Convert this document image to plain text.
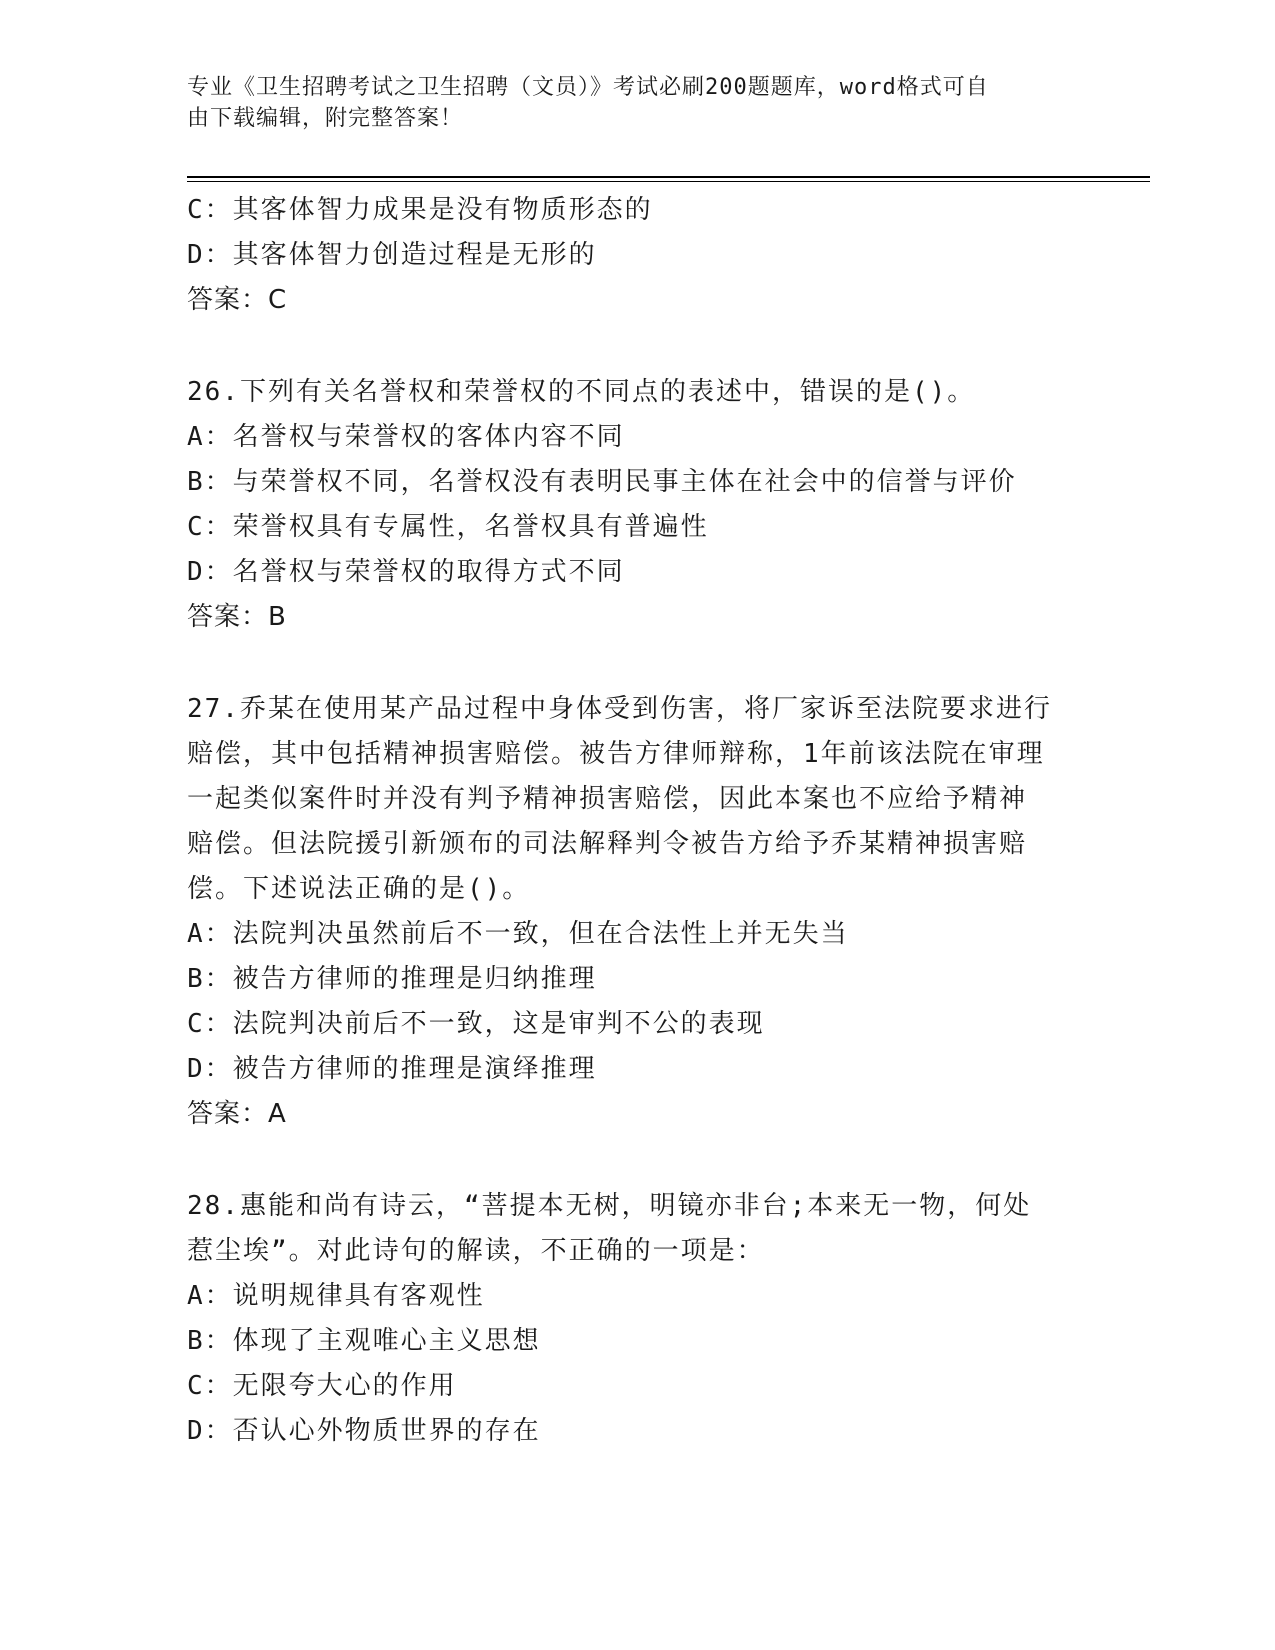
专业《卫生招聘考试之卫生招聘（文员）》考试必刷200题题库，word格式可自
由下载编辑，附完整答案！
C：其客体智力成果是没有物质形态的
D：其客体智力创造过程是无形的
答案：C
26.下列有关名誉权和荣誉权的不同点的表述中，错误的是()。
A：名誉权与荣誉权的客体内容不同
B：与荣誉权不同，名誉权没有表明民事主体在社会中的信誉与评价
C：荣誉权具有专属性，名誉权具有普遍性
D：名誉权与荣誉权的取得方式不同
答案：B
27.乔某在使用某产品过程中身体受到伤害，将厂家诉至法院要求进行
赔偿，其中包括精神损害赔偿。被告方律师辩称，1年前该法院在审理
一起类似案件时并没有判予精神损害赔偿，因此本案也不应给予精神
赔偿。但法院援引新颁布的司法解释判令被告方给予乔某精神损害赔
偿。下述说法正确的是()。
A：法院判决虽然前后不一致，但在合法性上并无失当
B：被告方律师的推理是归纳推理
C：法院判决前后不一致，这是审判不公的表现
D：被告方律师的推理是演绎推理
答案：A
28.惠能和尚有诗云，“菩提本无树，明镜亦非台;本来无一物，何处
惹尘埃”。对此诗句的解读，不正确的一项是：
A：说明规律具有客观性
B：体现了主观唯心主义思想
C：无限夸大心的作用
D：否认心外物质世界的存在
